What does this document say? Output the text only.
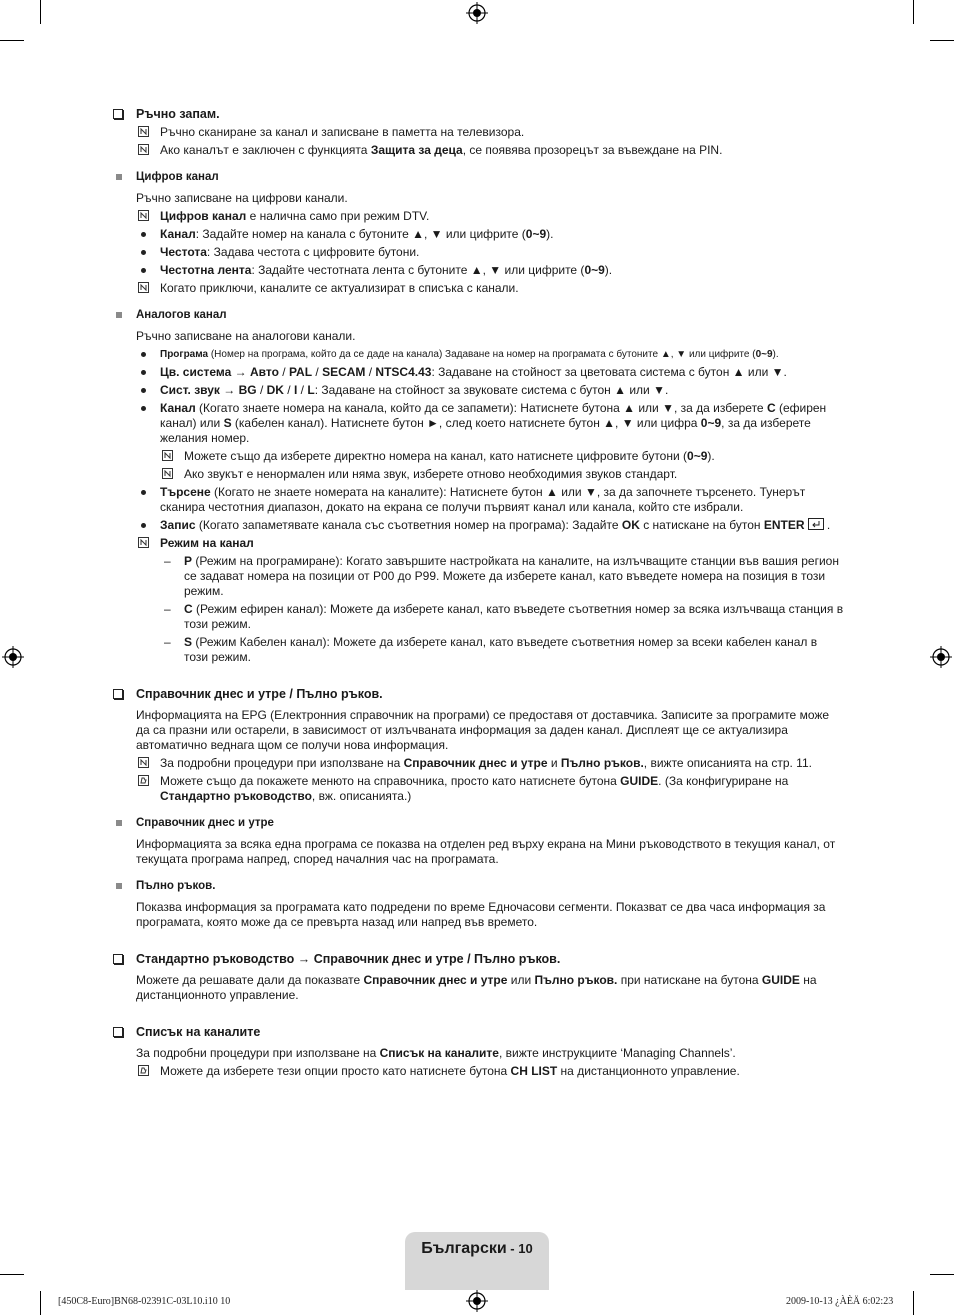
Ръчно запам.
Ръчно сканиране за канал и записване в паметта на телевизора.
Ако каналът е заключен с функцията Защита за деца, се появява прозорецът за въвеждане на PIN.
Цифров канал
Ръчно записване на цифрови канали.
Цифров канал е налична само при режим DTV.
Канал: Задайте номер на канала с бутоните ▲, ▼ или цифрите (0~9).
Честота: Задава честота с цифровите бутони.
Честотна лента: Задайте честотната лента с бутоните ▲, ▼ или цифрите (0~9).
Когато приключи, каналите се актуализират в списъка с канали.
Аналогов канал
Ръчно записване на аналогови канали.
Програма (Номер на програма, който да се даде на канала) Задаване на номер на програмата с бутоните ▲, ▼ или цифрите (0~9).
Цв. система → Авто / PAL / SECAM / NTSC4.43: Задаване на стойност за цветовата система с бутон ▲ или ▼.
Сист. звук → BG / DK / I / L: Задаване на стойност за звуковате система с бутон ▲ или ▼.
Канал (Когато знаете номера на канала, който да се запамети): Натиснете бутона ▲ или ▼, за да изберете C (ефирен канал) или S (кабелен канал). Натиснете бутон ►, след което натиснете бутон ▲, ▼ или цифра 0~9, за да изберете желания номер.
Можете също да изберете директно номера на канал, като натиснете цифровите бутони (0~9).
Ако звукът е ненормален или няма звук, изберете отново необходимия звуков стандарт.
Търсене (Когато не знаете номерата на каналите): Натиснете бутон ▲ или ▼, за да започнете търсенето. Тунерът сканира честотния диапазон, докато на екрана се получи първият канал или канала, който сте избрали.
Запис (Когато запаметявате канала със съответния номер на програма): Задайте OK с натискане на бутон ENTER .
Режим на канал
– P (Режим на програмиране): Когато завършите настройката на каналите, на излъчващите станции във вашия регион се задават номера на позиции от P00 до P99. Можете да изберете канал, като въведете номера на позиция в този режим.
– C (Режим ефирен канал): Можете да изберете канал, като въведете съответния номер за всяка излъчваща станция в този режим.
– S (Режим Кабелен канал): Можете да изберете канал, като въведете съответния номер за всеки кабелен канал в този режим.
Справочник днес и утре / Пълно ръков.
Информацията на EPG (Електронния справочник на програми) се предоставя от доставчика. Записите за програмите може да са празни или остарели, в зависимост от излъчваната информация за даден канал. Дисплеят ще се актуализира автоматично веднага щом се получи нова информация.
За подробни процедури при използване на Справочник днес и утре и Пълно ръков., вижте описанията на стр. 11.
Можете също да покажете менюто на справочника, просто като натиснете бутона GUIDE. (За конфигуриране на Стандартно ръководство, вж. описанията.)
Справочник днес и утре
Информацията за всяка една програма се показва на отделен ред върху екрана на Мини ръководството в текущия канал, от текущата програма напред, според началния час на програмата.
Пълно ръков.
Показва информация за програмата като подредени по време Едночасови сегменти. Показват се два часа информация за програмата, която може да се превърта назад или напред във времето.
Стандартно ръководство → Справочник днес и утре / Пълно ръков.
Можете да решавате дали да показвате Справочник днес и утре или Пълно ръков. при натискане на бутона GUIDE на дистанционното управление.
Списък на каналите
За подробни процедури при използване на Списък на каналите, вижте инструкциите ‘Managing Channels’.
Можете да изберете тези опции просто като натиснете бутона CH LIST на дистанционното управление.
Български - 10
[450C8-Euro]BN68-02391C-03L10.i10 10	2009-10-13 ¿ÀÈÄ 6:02:23
